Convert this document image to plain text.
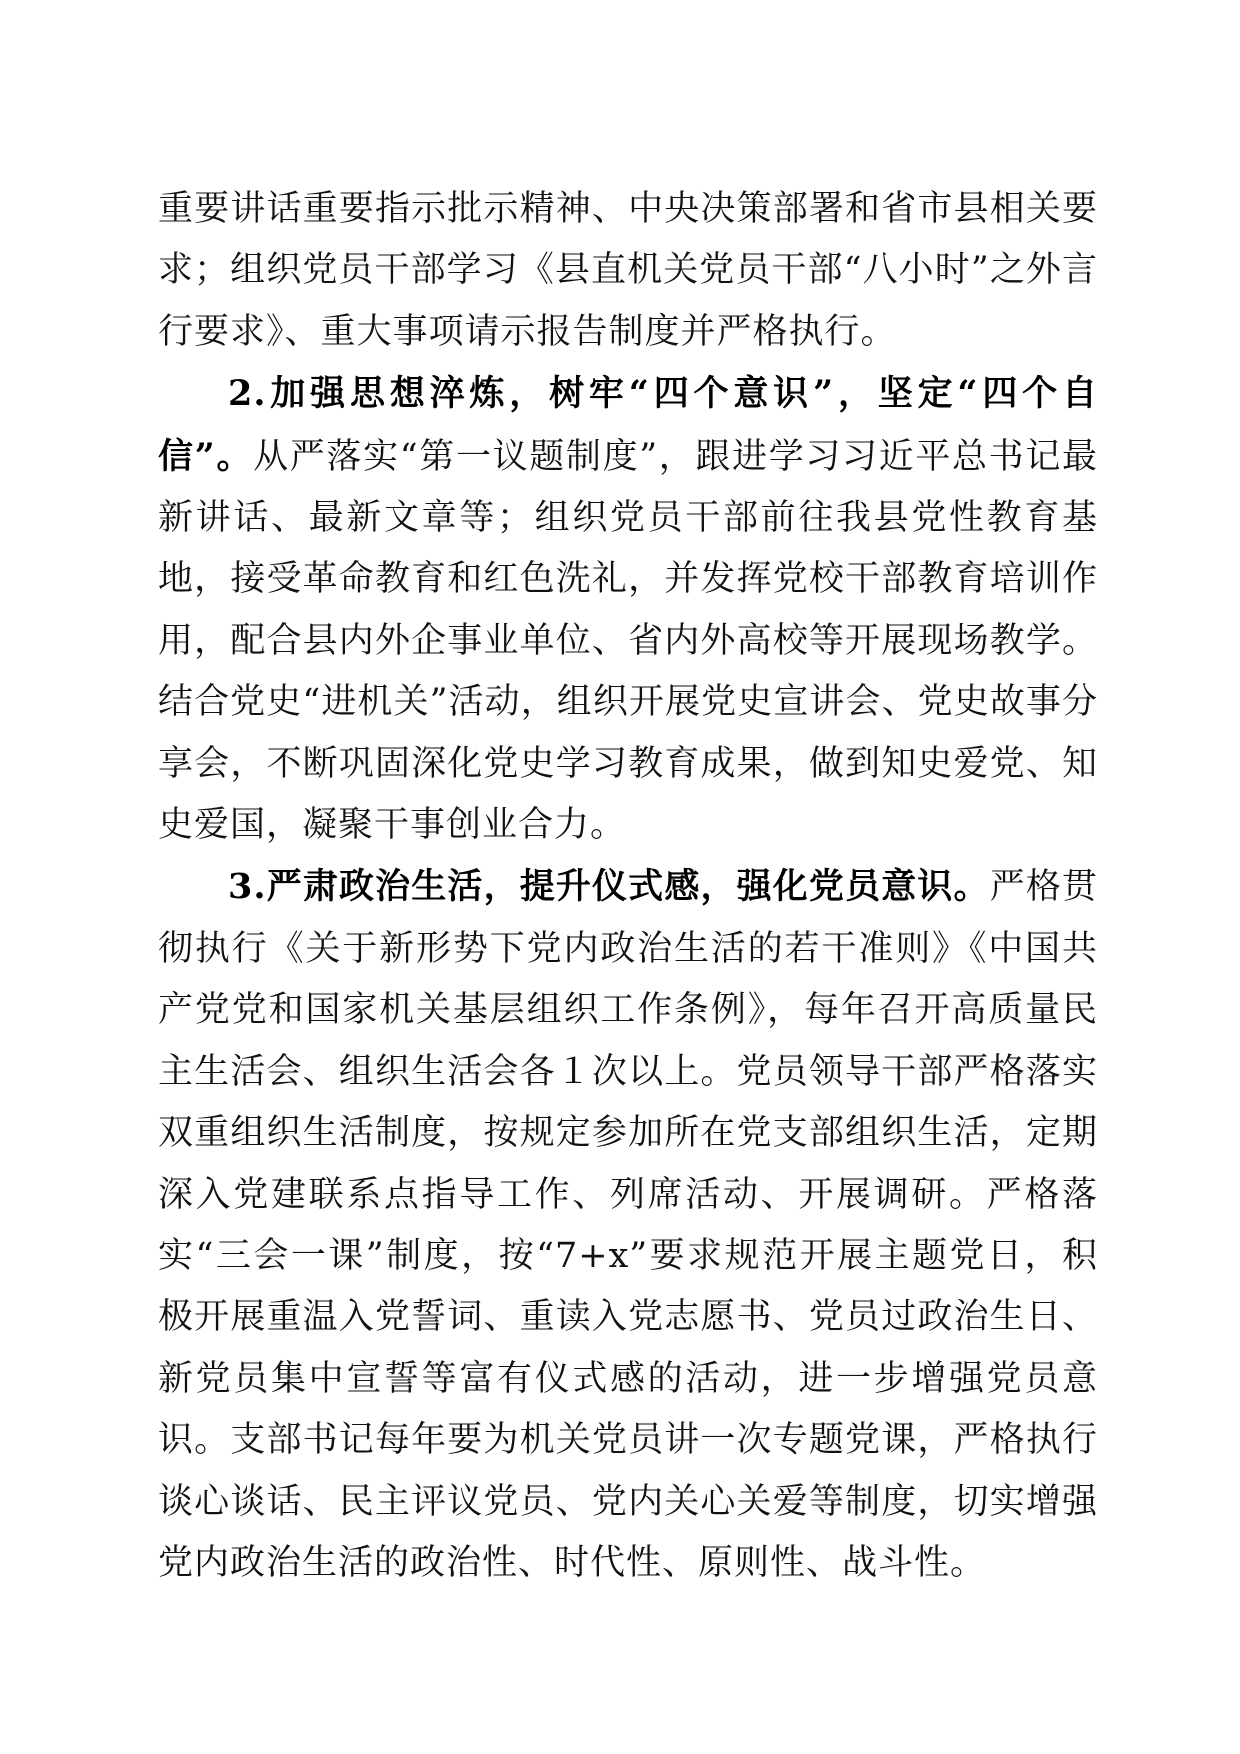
重要讲话重要指示批示精神、中央决策部署和省市县相关要求；组织党员干部学习《县直机关党员干部“八小时”之外言行要求》、重大事项请示报告制度并严格执行。

2.加强思想淬炼，树牢“四个意识”，坚定“四个自信”。从严落实“第一议题制度”，跟进学习习近平总书记最新讲话、最新文章等；组织党员干部前往我县党性教育基地，接受革命教育和红色洗礼，并发挥党校干部教育培训作用，配合县内外企事业单位、省内外高校等开展现场教学。结合党史“进机关”活动，组织开展党史宣讲会、党史故事分享会，不断巩固深化党史学习教育成果，做到知史爱党、知史爱国，凝聚干事创业合力。

3.严肃政治生活，提升仪式感，强化党员意识。严格贯彻执行《关于新形势下党内政治生活的若干准则》《中国共产党党和国家机关基层组织工作条例》，每年召开高质量民主生活会、组织生活会各１次以上。党员领导干部严格落实双重组织生活制度，按规定参加所在党支部组织生活，定期深入党建联系点指导工作、列席活动、开展调研。严格落实“三会一课”制度，按“7+x”要求规范开展主题党日，积极开展重温入党誓词、重读入党志愿书、党员过政治生日、新党员集中宣誓等富有仪式感的活动，进一步增强党员意识。支部书记每年要为机关党员讲一次专题党课，严格执行谈心谈话、民主评议党员、党内关心关爱等制度，切实增强党内政治生活的政治性、时代性、原则性、战斗性。
